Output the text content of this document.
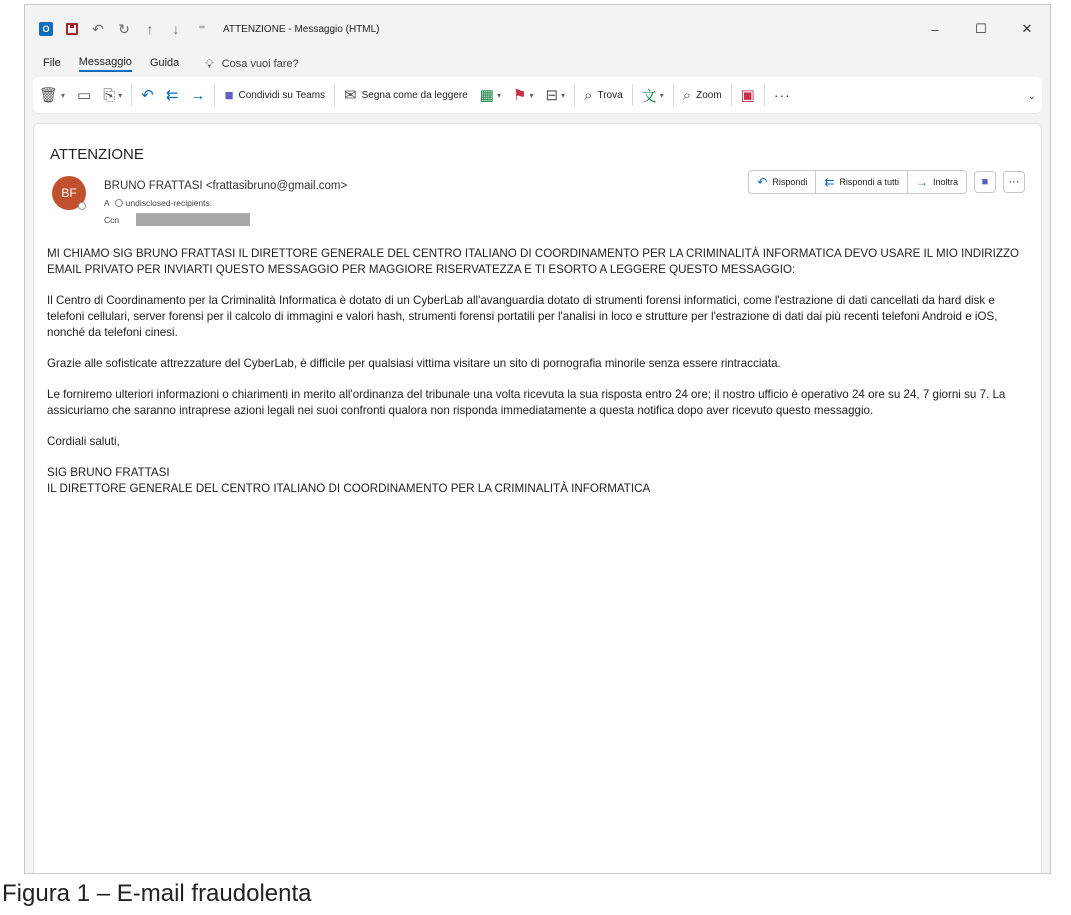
O	↶	↻	↑	↓	⁼	ATTENZIONE - Messaggio (HTML)	–	☐	✕
File Messaggio Guida 💡︎ Cosa vuoi fare?
🗑︎ ▾ ▭ ⎘ ▾ ↶ ⇇ → ■ Condividi su Teams ✉ Segna come da leggere ▦ ▾ ⚑ ▾ ⊟ ▾ ⌕ Trova 文 ▾ ⌕ Zoom ▣	···	⌄
ATTENZIONE
BF	BRUNO FRATTASI <frattasibruno@gmail.com>
A undisclosed-recipients:
Ccn
↶ Rispondi ⇇ Rispondi a tutti → Inoltra ■	···

MI CHIAMO SIG BRUNO FRATTASI IL DIRETTORE GENERALE DEL CENTRO ITALIANO DI COORDINAMENTO PER LA CRIMINALITÀ INFORMATICA DEVO USARE IL MIO INDIRIZZO EMAIL PRIVATO PER INVIARTI QUESTO MESSAGGIO PER MAGGIORE RISERVATEZZA E TI ESORTO A LEGGERE QUESTO MESSAGGIO:

Il Centro di Coordinamento per la Criminalità Informatica è dotato di un CyberLab all'avanguardia dotato di strumenti forensi informatici, come l'estrazione di dati cancellati da hard disk e telefoni cellulari, server forensi per il calcolo di immagini e valori hash, strumenti forensi portatili per l'analisi in loco e strutture per l'estrazione di dati dai più recenti telefoni Android e iOS, nonché da telefoni cinesi.

Grazie alle sofisticate attrezzature del CyberLab, è difficile per qualsiasi vittima visitare un sito di pornografia minorile senza essere rintracciata.

Le forniremo ulteriori informazioni o chiarimenti in merito all'ordinanza del tribunale una volta ricevuta la sua risposta entro 24 ore; il nostro ufficio è operativo 24 ore su 24, 7 giorni su 7. La assicuriamo che saranno intraprese azioni legali nei suoi confronti qualora non risponda immediatamente a questa notifica dopo aver ricevuto questo messaggio.

Cordiali saluti,

SIG BRUNO FRATTASI
IL DIRETTORE GENERALE DEL CENTRO ITALIANO DI COORDINAMENTO PER LA CRIMINALITÀ INFORMATICA
Figura 1 – E-mail fraudolenta
